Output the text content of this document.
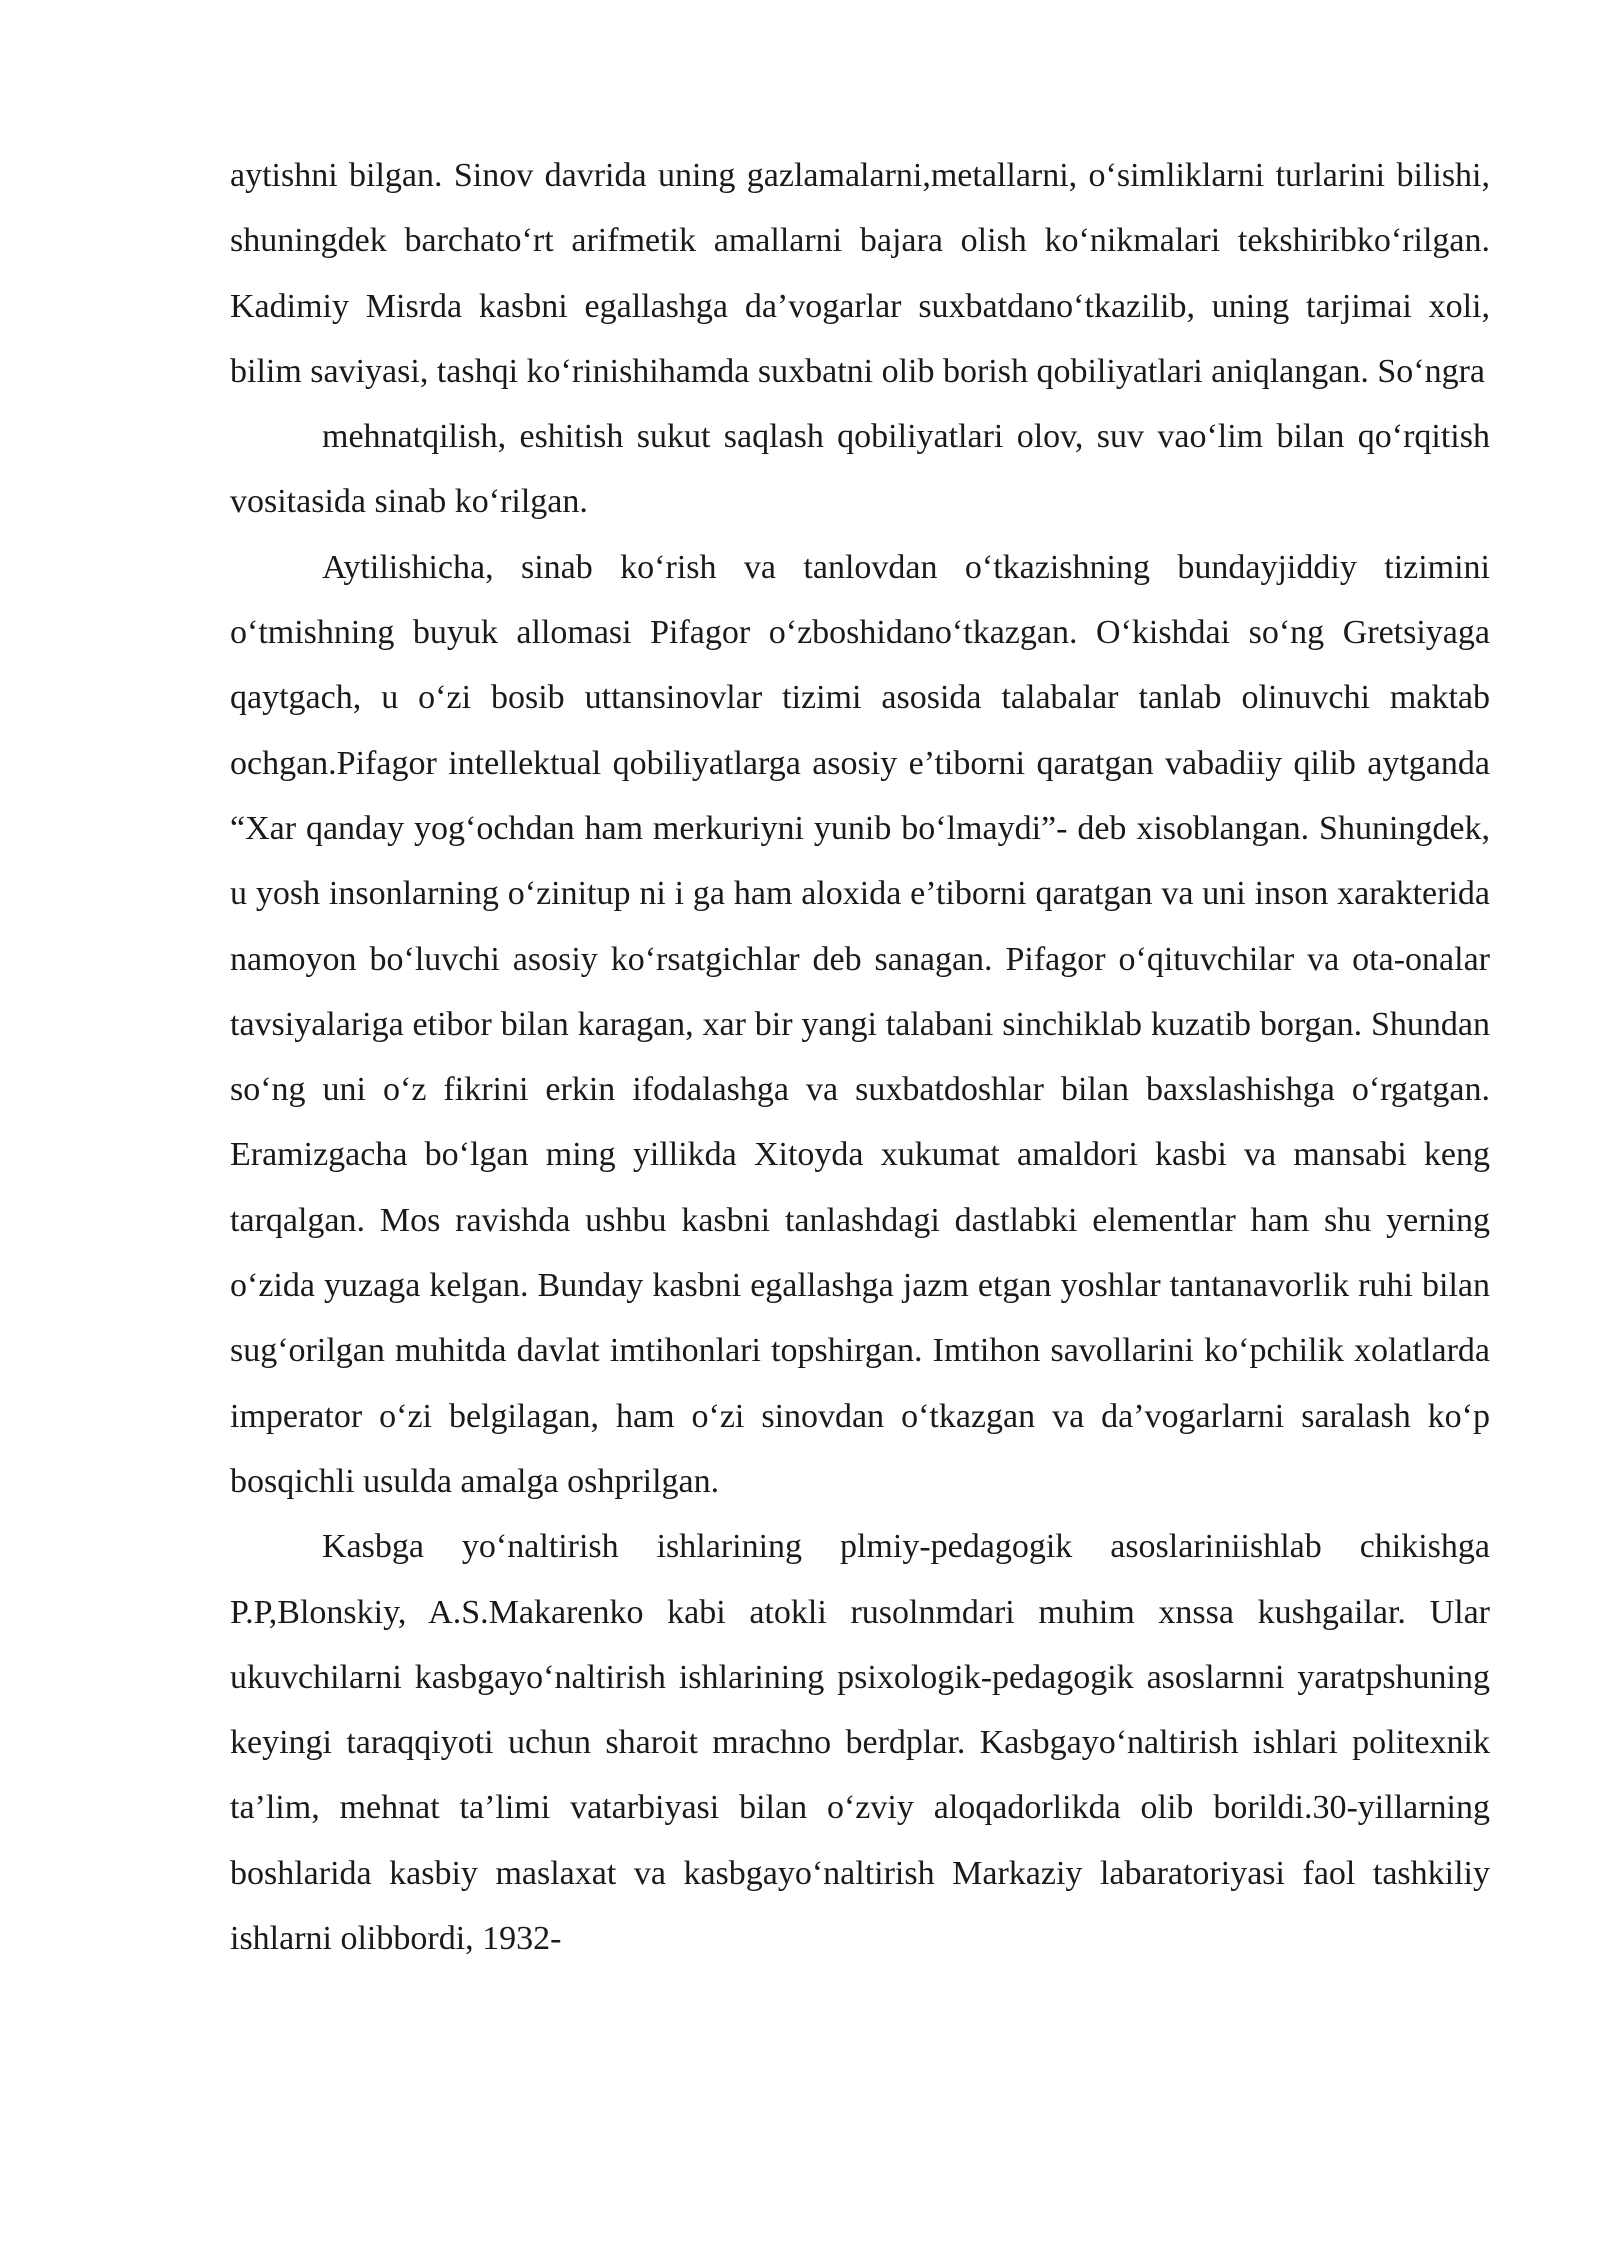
aytishni bilgan. Sinov davrida uning gazlamalarni,metallarni, o‘simliklarni turlarini bilishi, shuningdek barchato‘rt arifmetik amallarni bajara olish ko‘nikmalari tekshiribko‘rilgan. Kadimiy Misrda kasbni egallashga da’vogarlar suxbatdano‘tkazilib, uning tarjimai xoli, bilim saviyasi, tashqi ko‘rinishihamda suxbatni olib borish qobiliyatlari aniqlangan. So‘ngra

mehnatqilish, eshitish sukut saqlash qobiliyatlari olov, suv vao‘lim bilan qo‘rqitish vositasida sinab ko‘rilgan.

Aytilishicha, sinab ko‘rish va tanlovdan o‘tkazishning bundayjiddiy tizimini o‘tmishning buyuk allomasi Pifagor o‘zboshidano‘tkazgan. O‘kishdai so‘ng Gretsiyaga qaytgach, u o‘zi bosib uttansinovlar tizimi asosida talabalar tanlab olinuvchi maktab ochgan.Pifagor intellektual qobiliyatlarga asosiy e’tiborni qaratgan vabadiiy qilib aytganda “Xar qanday yog‘ochdan ham merkuriyni yunib bo‘lmaydi”- deb xisoblangan. Shuningdek, u yosh insonlarning o‘zinitup ni i ga ham aloxida e’tiborni qaratgan va uni inson xarakterida namoyon bo‘luvchi asosiy ko‘rsatgichlar deb sanagan. Pifagor o‘qituvchilar va ota-onalar tavsiyalariga etibor bilan karagan, xar bir yangi talabani sinchiklab kuzatib borgan. Shundan so‘ng uni o‘z fikrini erkin ifodalashga va suxbatdoshlar bilan baxslashishga o‘rgatgan. Eramizgacha bo‘lgan ming yillikda Xitoyda xukumat amaldori kasbi va mansabi keng tarqalgan. Mos ravishda ushbu kasbni tanlashdagi dastlabki elementlar ham shu yerning o‘zida yuzaga kelgan. Bunday kasbni egallashga jazm etgan yoshlar tantanavorlik ruhi bilan sug‘orilgan muhitda davlat imtihonlari topshirgan. Imtihon savollarini ko‘pchilik xolatlarda imperator o‘zi belgilagan, ham o‘zi sinovdan o‘tkazgan va da’vogarlarni saralash ko‘p bosqichli usulda amalga oshprilgan.

Kasbga yo‘naltirish ishlarining plmiy-pedagogik asoslariniishlab chikishga P.P,Blonskiy, A.S.Makarenko kabi atokli rusolnmdari muhim xnssa kushgailar. Ular ukuvchilarni kasbgayo‘naltirish ishlarining psixologik-pedagogik asoslarnni yaratpshuning keyingi taraqqiyoti uchun sharoit mrachno berdplar. Kasbgayo‘naltirish ishlari politexnik ta’lim, mehnat ta’limi vatarbiyasi bilan o‘zviy aloqadorlikda olib borildi.30-yillarning boshlarida kasbiy maslaxat va kasbgayo‘naltirish Markaziy labaratoriyasi faol tashkiliy ishlarni olibbordi, 1932-
